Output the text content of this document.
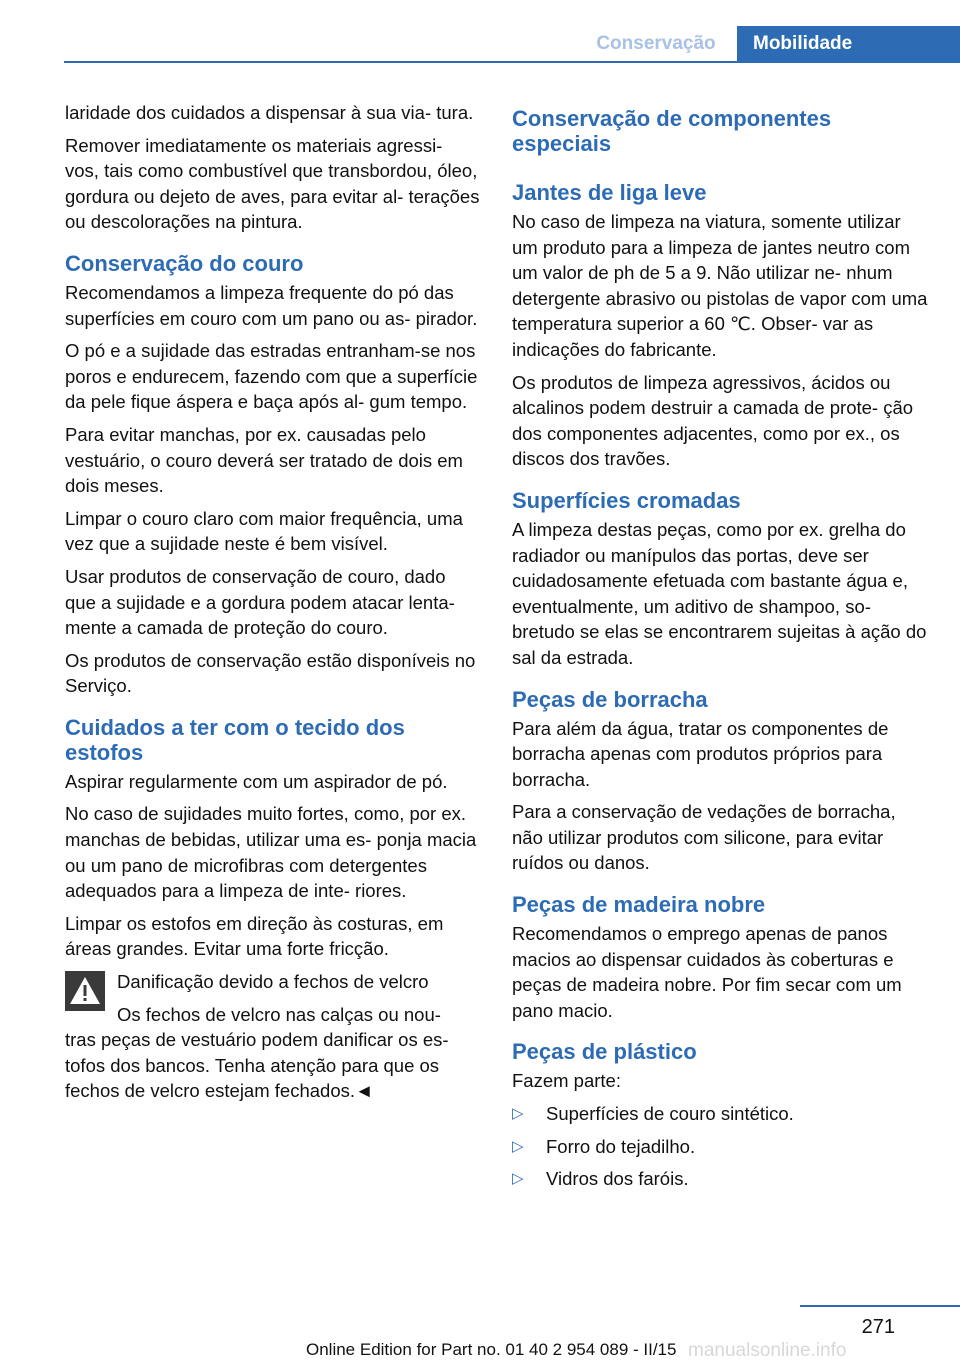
Conservação	Mobilidade

laridade dos cuidados a dispensar à sua via- tura.

Remover imediatamente os materiais agressi- vos, tais como combustível que transbordou, óleo, gordura ou dejeto de aves, para evitar al- terações ou descolorações na pintura.

Conservação do couro

Recomendamos a limpeza frequente do pó das superfícies em couro com um pano ou as- pirador.

O pó e a sujidade das estradas entranham-se nos poros e endurecem, fazendo com que a superfície da pele fique áspera e baça após al- gum tempo.

Para evitar manchas, por ex. causadas pelo vestuário, o couro deverá ser tratado de dois em dois meses.

Limpar o couro claro com maior frequência, uma vez que a sujidade neste é bem visível.

Usar produtos de conservação de couro, dado que a sujidade e a gordura podem atacar lenta- mente a camada de proteção do couro.

Os produtos de conservação estão disponíveis no Serviço.

Cuidados a ter com o tecido dos estofos

Aspirar regularmente com um aspirador de pó.

No caso de sujidades muito fortes, como, por ex. manchas de bebidas, utilizar uma es- ponja macia ou um pano de microfibras com detergentes adequados para a limpeza de inte- riores.

Limpar os estofos em direção às costuras, em áreas grandes. Evitar uma forte fricção.

Danificação devido a fechos de velcro

Os fechos de velcro nas calças ou nou-
tras peças de vestuário podem danificar os es- tofos dos bancos. Tenha atenção para que os fechos de velcro estejam fechados.◄

Conservação de componentes especiais
Jantes de liga leve

No caso de limpeza na viatura, somente utilizar um produto para a limpeza de jantes neutro com um valor de ph de 5 a 9. Não utilizar ne- nhum detergente abrasivo ou pistolas de vapor com uma temperatura superior a 60 ℃. Obser- var as indicações do fabricante.

Os produtos de limpeza agressivos, ácidos ou alcalinos podem destruir a camada de prote- ção dos componentes adjacentes, como por ex., os discos dos travões.

Superfícies cromadas

A limpeza destas peças, como por ex. grelha do radiador ou manípulos das portas, deve ser cuidadosamente efetuada com bastante água e, eventualmente, um aditivo de shampoo, so- bretudo se elas se encontrarem sujeitas à ação do sal da estrada.

Peças de borracha

Para além da água, tratar os componentes de borracha apenas com produtos próprios para borracha.

Para a conservação de vedações de borracha, não utilizar produtos com silicone, para evitar ruídos ou danos.

Peças de madeira nobre

Recomendamos o emprego apenas de panos macios ao dispensar cuidados às coberturas e peças de madeira nobre. Por fim secar com um pano macio.

Peças de plástico

Fazem parte:

▷	Superfícies de couro sintético.
▷	Forro do tejadilho.
▷	Vidros dos faróis.
271
Online Edition for Part no. 01 40 2 954 089 - II/15 manualsonline.info
